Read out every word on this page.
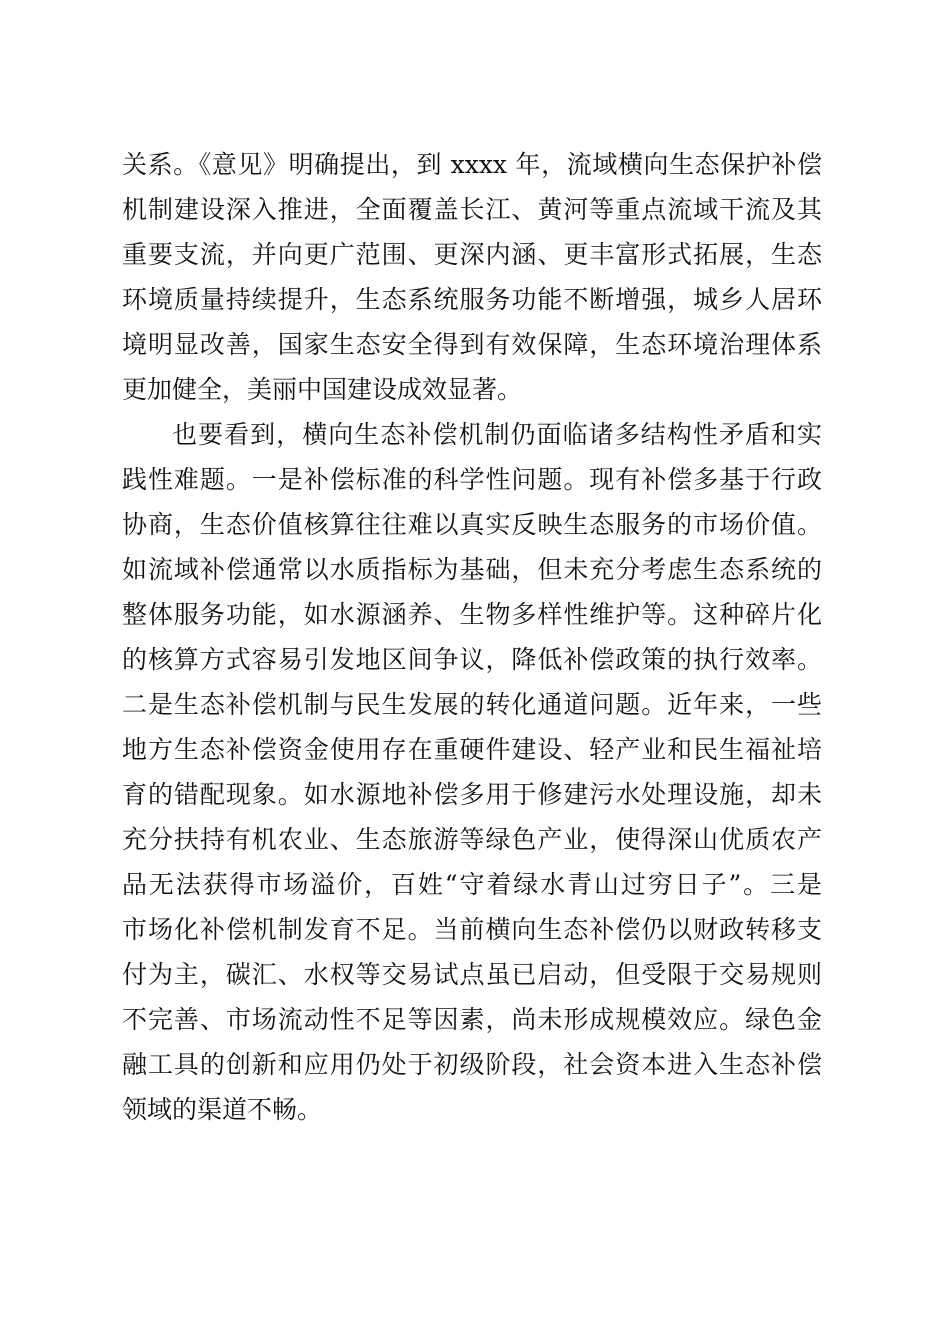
关系。《意见》明确提出，到 xxxx 年，流域横向生态保护补偿
机制建设深入推进，全面覆盖长江、黄河等重点流域干流及其
重要支流，并向更广范围、更深内涵、更丰富形式拓展，生态
环境质量持续提升，生态系统服务功能不断增强，城乡人居环
境明显改善，国家生态安全得到有效保障，生态环境治理体系
更加健全，美丽中国建设成效显著。
也要看到，横向生态补偿机制仍面临诸多结构性矛盾和实
践性难题。一是补偿标准的科学性问题。现有补偿多基于行政
协商，生态价值核算往往难以真实反映生态服务的市场价值。
如流域补偿通常以水质指标为基础，但未充分考虑生态系统的
整体服务功能，如水源涵养、生物多样性维护等。这种碎片化
的核算方式容易引发地区间争议，降低补偿政策的执行效率。
二是生态补偿机制与民生发展的转化通道问题。近年来，一些
地方生态补偿资金使用存在重硬件建设、轻产业和民生福祉培
育的错配现象。如水源地补偿多用于修建污水处理设施，却未
充分扶持有机农业、生态旅游等绿色产业，使得深山优质农产
品无法获得市场溢价，百姓“守着绿水青山过穷日子”。三是
市场化补偿机制发育不足。当前横向生态补偿仍以财政转移支
付为主，碳汇、水权等交易试点虽已启动，但受限于交易规则
不完善、市场流动性不足等因素，尚未形成规模效应。绿色金
融工具的创新和应用仍处于初级阶段，社会资本进入生态补偿
领域的渠道不畅。
